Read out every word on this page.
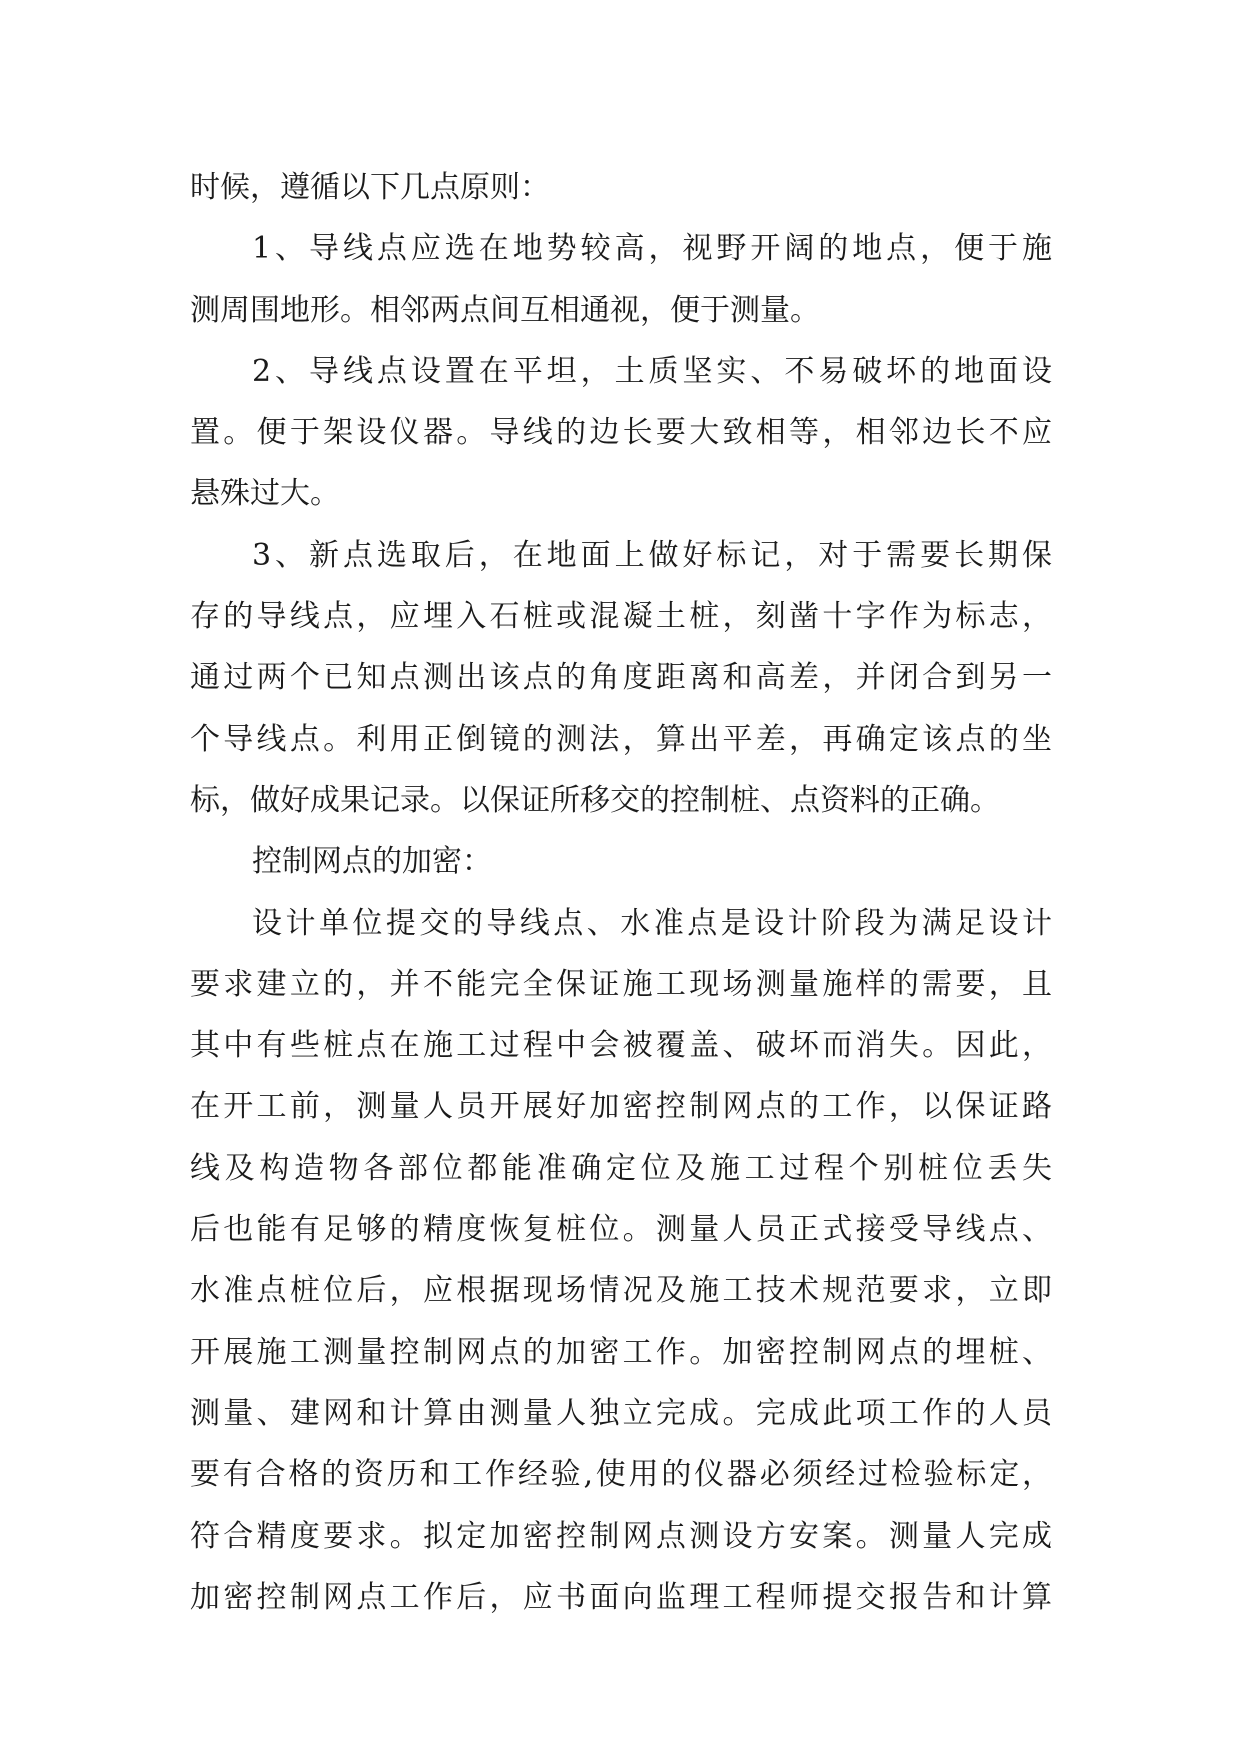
时候，遵循以下几点原则：
1、导线点应选在地势较高，视野开阔的地点，便于施
测周围地形。相邻两点间互相通视，便于测量。
2、导线点设置在平坦，土质坚实、不易破坏的地面设
置。便于架设仪器。导线的边长要大致相等，相邻边长不应
悬殊过大。
3、新点选取后，在地面上做好标记，对于需要长期保
存的导线点，应埋入石桩或混凝土桩，刻凿十字作为标志，
通过两个已知点测出该点的角度距离和高差，并闭合到另一
个导线点。利用正倒镜的测法，算出平差，再确定该点的坐
标，做好成果记录。以保证所移交的控制桩、点资料的正确。
控制网点的加密：
设计单位提交的导线点、水准点是设计阶段为满足设计
要求建立的，并不能完全保证施工现场测量施样的需要，且
其中有些桩点在施工过程中会被覆盖、破坏而消失。因此，
在开工前，测量人员开展好加密控制网点的工作，以保证路
线及构造物各部位都能准确定位及施工过程个别桩位丢失
后也能有足够的精度恢复桩位。测量人员正式接受导线点、
水准点桩位后，应根据现场情况及施工技术规范要求，立即
开展施工测量控制网点的加密工作。加密控制网点的埋桩、
测量、建网和计算由测量人独立完成。完成此项工作的人员
要有合格的资历和工作经验,使用的仪器必须经过检验标定，
符合精度要求。拟定加密控制网点测设方安案。测量人完成
加密控制网点工作后，应书面向监理工程师提交报告和计算
